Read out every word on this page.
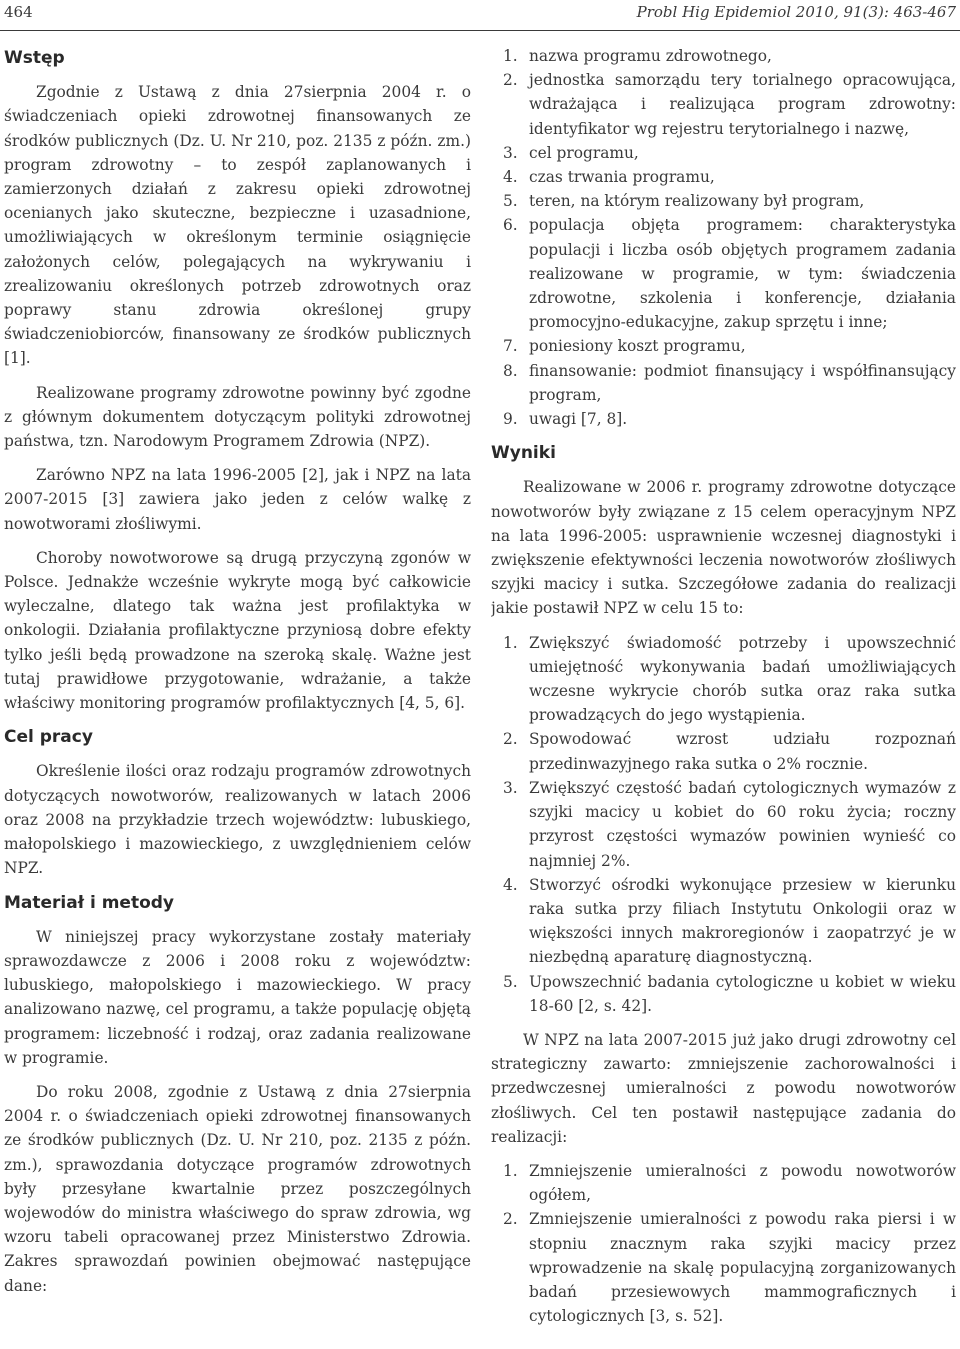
464	Probl Hig Epidemiol 2010, 91(3): 463-467
Wstęp

Zgodnie z Ustawą z dnia 27sierpnia 2004 r. o świadczeniach opieki zdrowotnej finansowanych ze środków publicznych (Dz. U. Nr 210, poz. 2135 z późn. zm.) program zdrowotny – to zespół zaplanowanych i zamierzonych działań z zakresu opieki zdrowotnej ocenianych jako skuteczne, bezpieczne i uzasadnione, umożliwiających w określonym terminie osiągnięcie założonych celów, polegających na wykrywaniu i zrealizowaniu określonych potrzeb zdrowotnych oraz poprawy stanu zdrowia określonej grupy świadczeniobiorców, finansowany ze środków publicznych [1].

Realizowane programy zdrowotne powinny być zgodne z głównym dokumentem dotyczącym polityki zdrowotnej państwa, tzn. Narodowym Programem Zdrowia (NPZ).

Zarówno NPZ na lata 1996-2005 [2], jak i NPZ na lata 2007-2015 [3] zawiera jako jeden z celów walkę z nowotworami złośliwymi.

Choroby nowotworowe są drugą przyczyną zgonów w Polsce. Jednakże wcześnie wykryte mogą być całkowicie wyleczalne, dlatego tak ważna jest profilaktyka w onkologii. Działania profilaktyczne przyniosą dobre efekty tylko jeśli będą prowadzone na szeroką skalę. Ważne jest tutaj prawidłowe przygotowanie, wdrażanie, a także właściwy monitoring programów profilaktycznych [4, 5, 6].

Cel pracy

Określenie ilości oraz rodzaju programów zdrowotnych dotyczących nowotworów, realizowanych w latach 2006 oraz 2008 na przykładzie trzech województw: lubuskiego, małopolskiego i mazowieckiego, z uwzględnieniem celów NPZ.

Materiał i metody

W niniejszej pracy wykorzystane zostały materiały sprawozdawcze z 2006 i 2008 roku z województw: lubuskiego, małopolskiego i mazowieckiego. W pracy analizowano nazwę, cel programu, a także populację objętą programem: liczebność i rodzaj, oraz zadania realizowane w programie.

Do roku 2008, zgodnie z Ustawą z dnia 27sierpnia 2004 r. o świadczeniach opieki zdrowotnej finansowanych ze środków publicznych (Dz. U. Nr 210, poz. 2135 z późn. zm.), sprawozdania dotyczące programów zdrowotnych były przesyłane kwartalnie przez poszczególnych wojewodów do ministra właściwego do spraw zdrowia, wg wzoru tabeli opracowanej przez Ministerstwo Zdrowia. Zakres sprawozdań powinien obejmować następujące dane:

1. nazwa programu zdrowotnego,
2. jednostka samorządu tery torialnego opracowująca, wdrażająca i realizująca program zdrowotny: identyfikator wg rejestru terytorialnego i nazwę,
3. cel programu,
4. czas trwania programu,
5. teren, na którym realizowany był program,
6. populacja objęta programem: charakterystyka populacji i liczba osób objętych programem zadania realizowane w programie, w tym: świadczenia zdrowotne, szkolenia i konferencje, działania promocyjno-edukacyjne, zakup sprzętu i inne;
7. poniesiony koszt programu,
8. finansowanie: podmiot finansujący i współfinansujący program,
9. uwagi [7, 8].
Wyniki

Realizowane w 2006 r. programy zdrowotne dotyczące nowotworów były związane z 15 celem operacyjnym NPZ na lata 1996-2005: usprawnienie wczesnej diagnostyki i zwiększenie efektywności leczenia nowotworów złośliwych szyjki macicy i sutka. Szczegółowe zadania do realizacji jakie postawił NPZ w celu 15 to:

1. Zwiększyć świadomość potrzeby i upowszechnić umiejętność wykonywania badań umożliwiających wczesne wykrycie chorób sutka oraz raka sutka prowadzących do jego wystąpienia.
2. Spowodować wzrost udziału rozpoznań przedinwazyjnego raka sutka o 2% rocznie.
3. Zwiększyć częstość badań cytologicznych wymazów z szyjki macicy u kobiet do 60 roku życia; roczny przyrost częstości wymazów powinien wynieść co najmniej 2%.
4. Stworzyć ośrodki wykonujące przesiew w kierunku raka sutka przy filiach Instytutu Onkologii oraz w większości innych makroregionów i zaopatrzyć je w niezbędną aparaturę diagnostyczną.
5. Upowszechnić badania cytologiczne u kobiet w wieku 18-60 [2, s. 42].

W NPZ na lata 2007-2015 już jako drugi zdrowotny cel strategiczny zawarto: zmniejszenie zachorowalności i przedwczesnej umieralności z powodu nowotworów złośliwych. Cel ten postawił następujące zadania do realizacji:

1. Zmniejszenie umieralności z powodu nowotworów ogółem,
2. Zmniejszenie umieralności z powodu raka piersi i w stopniu znacznym raka szyjki macicy przez wprowadzenie na skalę populacyjną zorganizowanych badań przesiewowych mammograficznych i cytologicznych [3, s. 52].
